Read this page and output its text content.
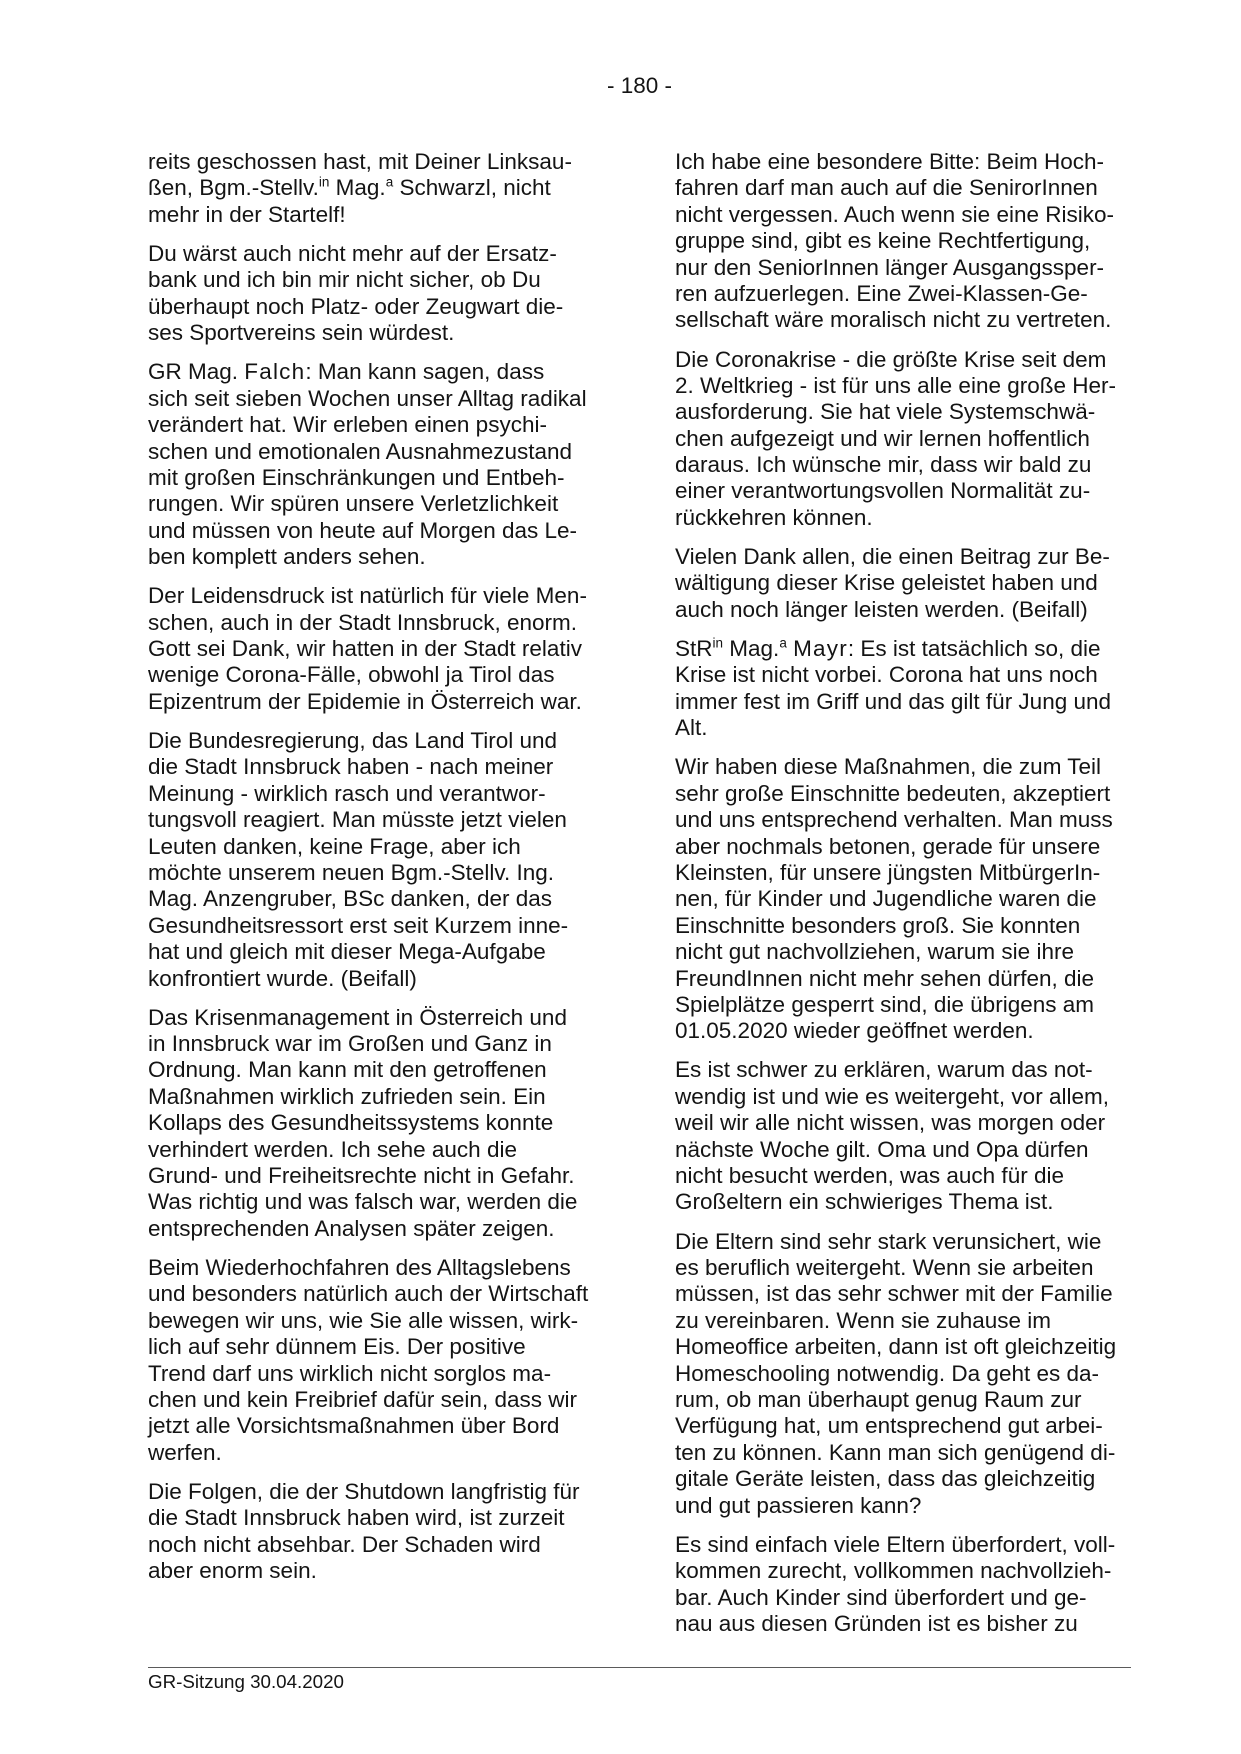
- 180 -
reits geschossen hast, mit Deiner Linksau-
ßen, Bgm.-Stellv.$^{in}$ Mag.$^a$ Schwarzl, nicht
mehr in der Startelf!
Du wärst auch nicht mehr auf der Ersatz-
bank und ich bin mir nicht sicher, ob Du
überhaupt noch Platz- oder Zeugwart die-
ses Sportvereins sein würdest.
GR Mag. Falch: Man kann sagen, dass
sich seit sieben Wochen unser Alltag radikal
verändert hat. Wir erleben einen psychi-
schen und emotionalen Ausnahmezustand
mit großen Einschränkungen und Entbeh-
rungen. Wir spüren unsere Verletzlichkeit
und müssen von heute auf Morgen das Le-
ben komplett anders sehen.
Der Leidensdruck ist natürlich für viele Men-
schen, auch in der Stadt Innsbruck, enorm.
Gott sei Dank, wir hatten in der Stadt relativ
wenige Corona-Fälle, obwohl ja Tirol das
Epizentrum der Epidemie in Österreich war.
Die Bundesregierung, das Land Tirol und
die Stadt Innsbruck haben - nach meiner
Meinung - wirklich rasch und verantwor-
tungsvoll reagiert. Man müsste jetzt vielen
Leuten danken, keine Frage, aber ich
möchte unserem neuen Bgm.-Stellv. Ing.
Mag. Anzengruber, BSc danken, der das
Gesundheitsressort erst seit Kurzem inne-
hat und gleich mit dieser Mega-Aufgabe
konfrontiert wurde. (Beifall)
Das Krisenmanagement in Österreich und
in Innsbruck war im Großen und Ganz in
Ordnung. Man kann mit den getroffenen
Maßnahmen wirklich zufrieden sein. Ein
Kollaps des Gesundheitssystems konnte
verhindert werden. Ich sehe auch die
Grund- und Freiheitsrechte nicht in Gefahr.
Was richtig und was falsch war, werden die
entsprechenden Analysen später zeigen.
Beim Wiederhochfahren des Alltagslebens
und besonders natürlich auch der Wirtschaft
bewegen wir uns, wie Sie alle wissen, wirk-
lich auf sehr dünnem Eis. Der positive
Trend darf uns wirklich nicht sorglos ma-
chen und kein Freibrief dafür sein, dass wir
jetzt alle Vorsichtsmaßnahmen über Bord
werfen.
Die Folgen, die der Shutdown langfristig für
die Stadt Innsbruck haben wird, ist zurzeit
noch nicht absehbar. Der Schaden wird
aber enorm sein.
Ich habe eine besondere Bitte: Beim Hoch-
fahren darf man auch auf die SenirorInnen
nicht vergessen. Auch wenn sie eine Risiko-
gruppe sind, gibt es keine Rechtfertigung,
nur den SeniorInnen länger Ausgangssper-
ren aufzuerlegen. Eine Zwei-Klassen-Ge-
sellschaft wäre moralisch nicht zu vertreten.
Die Coronakrise - die größte Krise seit dem
2. Weltkrieg - ist für uns alle eine große Her-
ausforderung. Sie hat viele Systemschwä-
chen aufgezeigt und wir lernen hoffentlich
daraus. Ich wünsche mir, dass wir bald zu
einer verantwortungsvollen Normalität zu-
rückkehren können.
Vielen Dank allen, die einen Beitrag zur Be-
wältigung dieser Krise geleistet haben und
auch noch länger leisten werden. (Beifall)
StR$^{in}$ Mag.$^a$ Mayr: Es ist tatsächlich so, die
Krise ist nicht vorbei. Corona hat uns noch
immer fest im Griff und das gilt für Jung und
Alt.
Wir haben diese Maßnahmen, die zum Teil
sehr große Einschnitte bedeuten, akzeptiert
und uns entsprechend verhalten. Man muss
aber nochmals betonen, gerade für unsere
Kleinsten, für unsere jüngsten MitbürgerIn-
nen, für Kinder und Jugendliche waren die
Einschnitte besonders groß. Sie konnten
nicht gut nachvollziehen, warum sie ihre
FreundInnen nicht mehr sehen dürfen, die
Spielplätze gesperrt sind, die übrigens am
01.05.2020 wieder geöffnet werden.
Es ist schwer zu erklären, warum das not-
wendig ist und wie es weitergeht, vor allem,
weil wir alle nicht wissen, was morgen oder
nächste Woche gilt. Oma und Opa dürfen
nicht besucht werden, was auch für die
Großeltern ein schwieriges Thema ist.
Die Eltern sind sehr stark verunsichert, wie
es beruflich weitergeht. Wenn sie arbeiten
müssen, ist das sehr schwer mit der Familie
zu vereinbaren. Wenn sie zuhause im
Homeoffice arbeiten, dann ist oft gleichzeitig
Homeschooling notwendig. Da geht es da-
rum, ob man überhaupt genug Raum zur
Verfügung hat, um entsprechend gut arbei-
ten zu können. Kann man sich genügend di-
gitale Geräte leisten, dass das gleichzeitig
und gut passieren kann?
Es sind einfach viele Eltern überfordert, voll-
kommen zurecht, vollkommen nachvollzieh-
bar. Auch Kinder sind überfordert und ge-
nau aus diesen Gründen ist es bisher zu
GR-Sitzung 30.04.2020
